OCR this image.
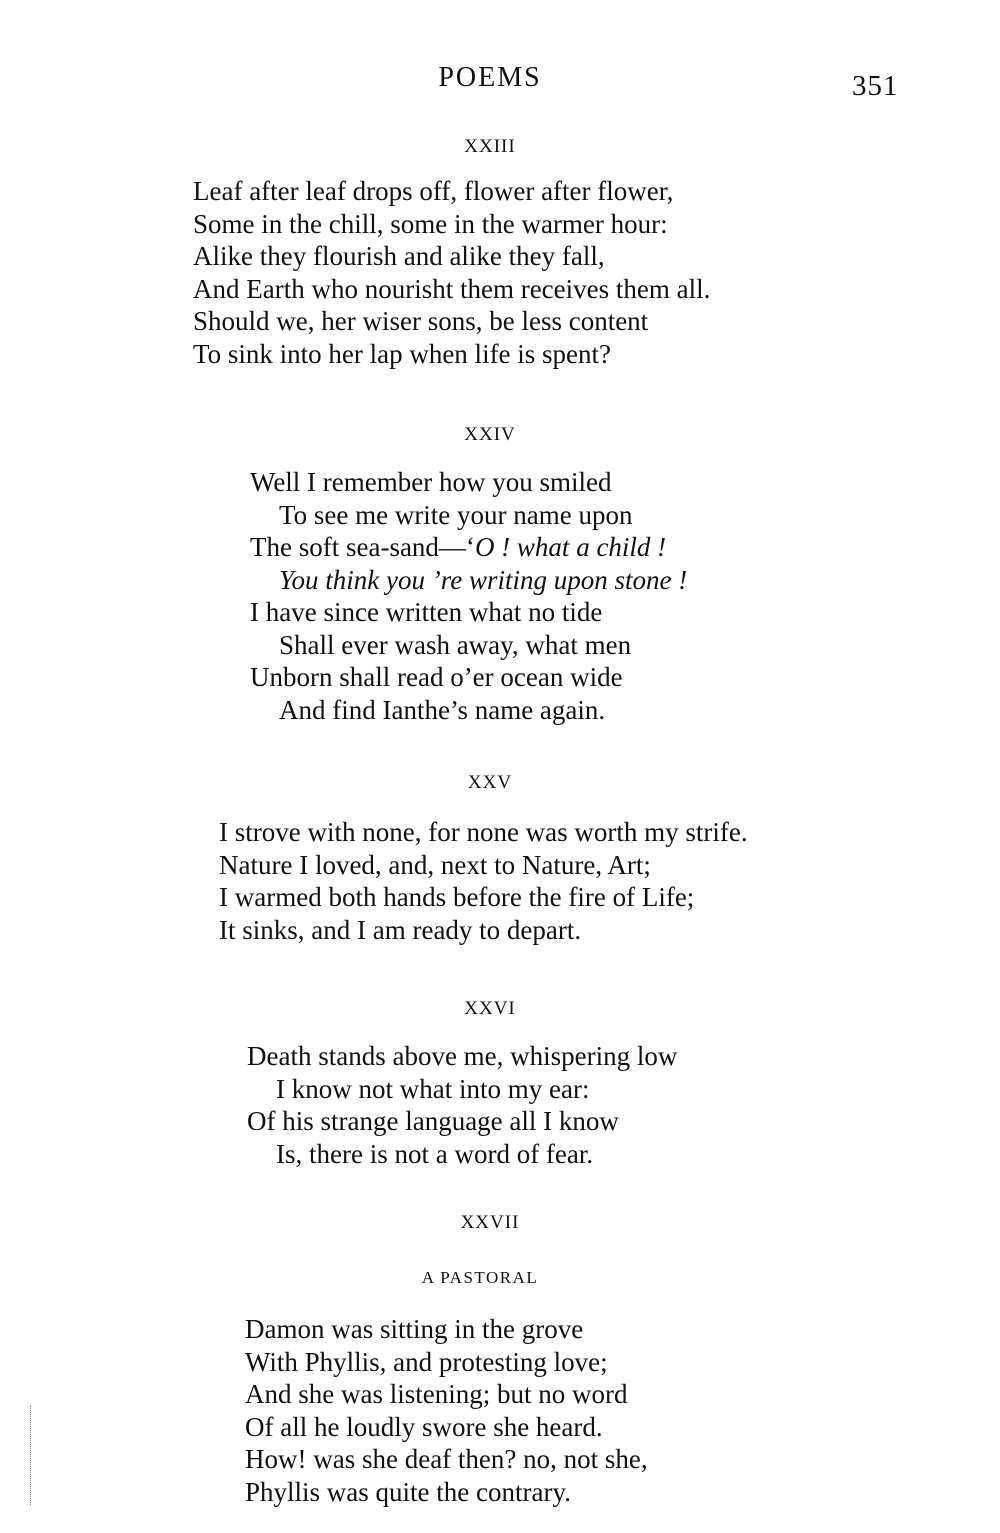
POEMS	351
XXIII
Leaf after leaf drops off, flower after flower,
Some in the chill, some in the warmer hour:
Alike they flourish and alike they fall,
And Earth who nourisht them receives them all.
Should we, her wiser sons, be less content
To sink into her lap when life is spent?
XXIV
Well I remember how you smiled
To see me write your name upon
The soft sea-sand—‘O ! what a child !
You think you ’re writing upon stone !
I have since written what no tide
Shall ever wash away, what men
Unborn shall read o’er ocean wide
And find Ianthe’s name again.
XXV
I strove with none, for none was worth my strife.
Nature I loved, and, next to Nature, Art;
I warmed both hands before the fire of Life;
It sinks, and I am ready to depart.
XXVI
Death stands above me, whispering low
I know not what into my ear:
Of his strange language all I know
Is, there is not a word of fear.
XXVII
A PASTORAL
Damon was sitting in the grove
With Phyllis, and protesting love;
And she was listening; but no word
Of all he loudly swore she heard.
How! was she deaf then? no, not she,
Phyllis was quite the contrary.
